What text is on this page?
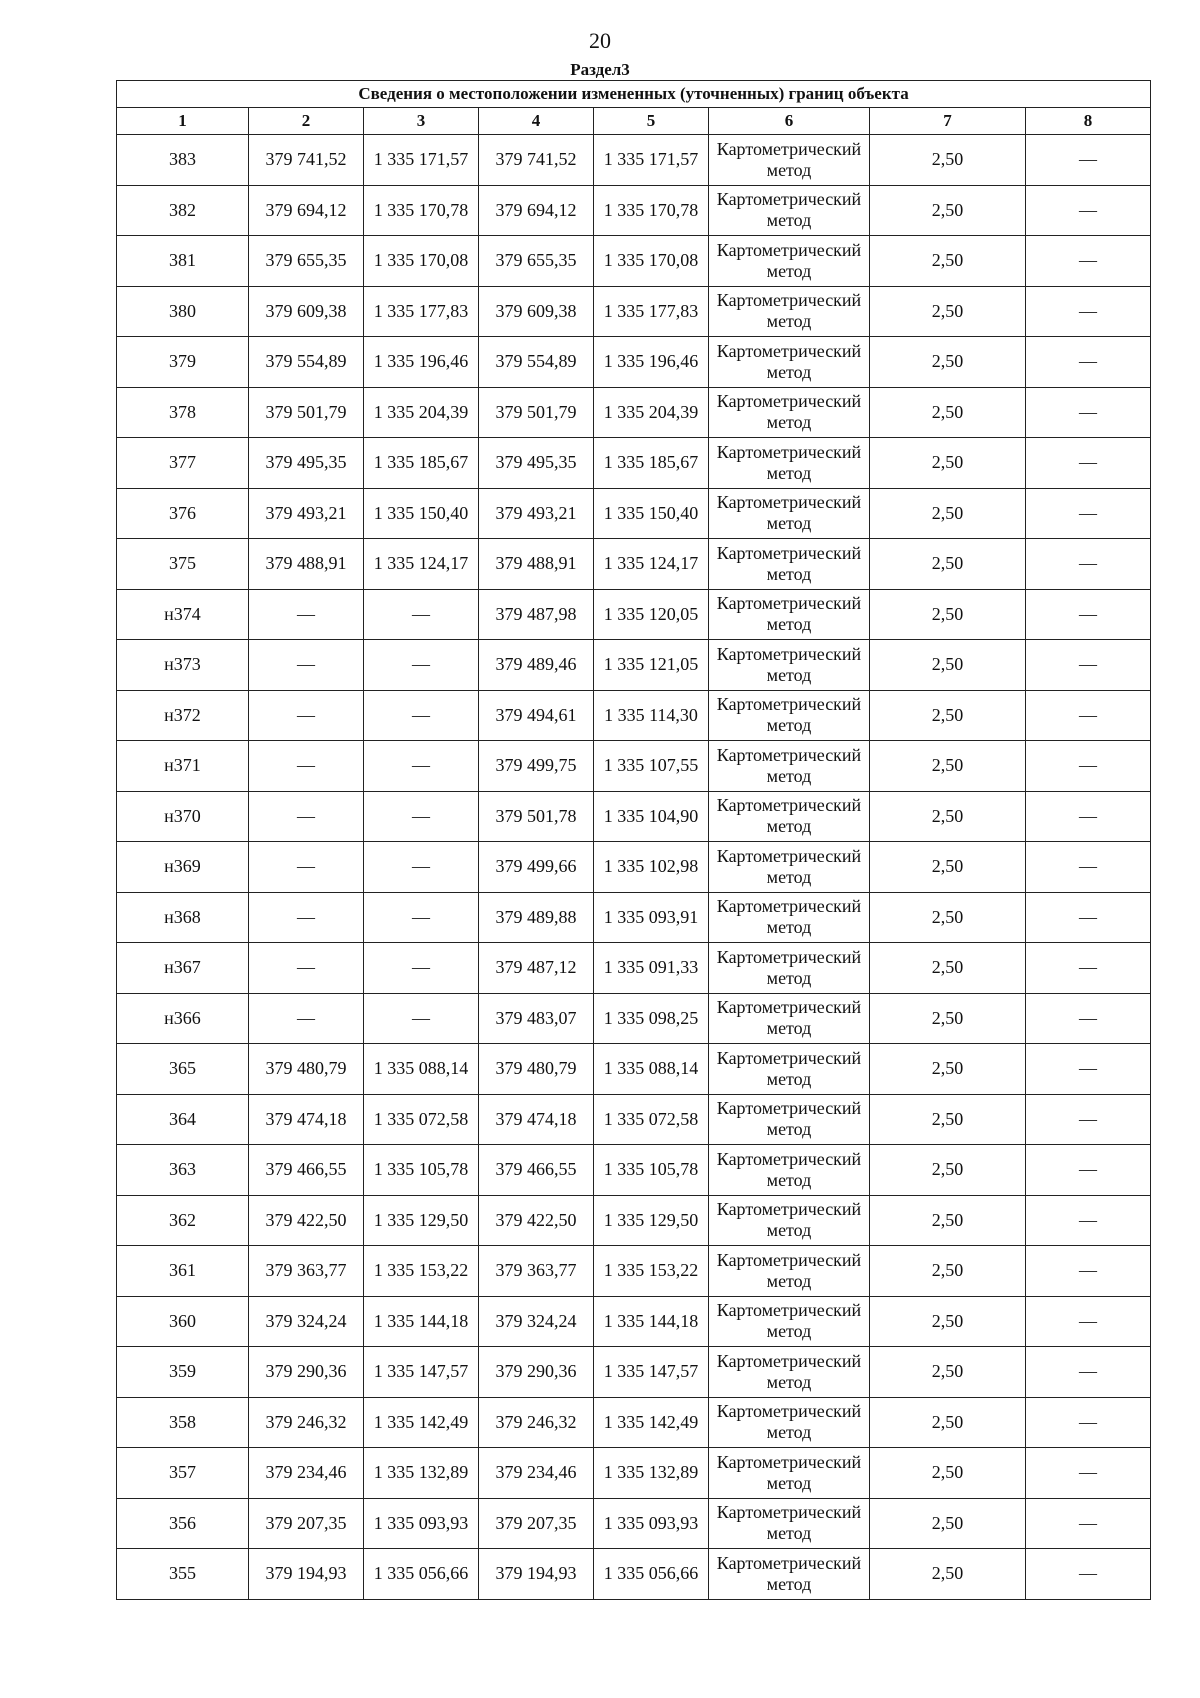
20
Раздел3
Сведения о местоположении измененных (уточненных) границ объекта							
1	2	3	4	5	6	7	8
383	379 741,52	1 335 171,57	379 741,52	1 335 171,57	Картометрический метод	2,50	—
382	379 694,12	1 335 170,78	379 694,12	1 335 170,78	Картометрический метод	2,50	—
381	379 655,35	1 335 170,08	379 655,35	1 335 170,08	Картометрический метод	2,50	—
380	379 609,38	1 335 177,83	379 609,38	1 335 177,83	Картометрический метод	2,50	—
379	379 554,89	1 335 196,46	379 554,89	1 335 196,46	Картометрический метод	2,50	—
378	379 501,79	1 335 204,39	379 501,79	1 335 204,39	Картометрический метод	2,50	—
377	379 495,35	1 335 185,67	379 495,35	1 335 185,67	Картометрический метод	2,50	—
376	379 493,21	1 335 150,40	379 493,21	1 335 150,40	Картометрический метод	2,50	—
375	379 488,91	1 335 124,17	379 488,91	1 335 124,17	Картометрический метод	2,50	—
н374	—	—	379 487,98	1 335 120,05	Картометрический метод	2,50	—
н373	—	—	379 489,46	1 335 121,05	Картометрический метод	2,50	—
н372	—	—	379 494,61	1 335 114,30	Картометрический метод	2,50	—
н371	—	—	379 499,75	1 335 107,55	Картометрический метод	2,50	—
н370	—	—	379 501,78	1 335 104,90	Картометрический метод	2,50	—
н369	—	—	379 499,66	1 335 102,98	Картометрический метод	2,50	—
н368	—	—	379 489,88	1 335 093,91	Картометрический метод	2,50	—
н367	—	—	379 487,12	1 335 091,33	Картометрический метод	2,50	—
н366	—	—	379 483,07	1 335 098,25	Картометрический метод	2,50	—
365	379 480,79	1 335 088,14	379 480,79	1 335 088,14	Картометрический метод	2,50	—
364	379 474,18	1 335 072,58	379 474,18	1 335 072,58	Картометрический метод	2,50	—
363	379 466,55	1 335 105,78	379 466,55	1 335 105,78	Картометрический метод	2,50	—
362	379 422,50	1 335 129,50	379 422,50	1 335 129,50	Картометрический метод	2,50	—
361	379 363,77	1 335 153,22	379 363,77	1 335 153,22	Картометрический метод	2,50	—
360	379 324,24	1 335 144,18	379 324,24	1 335 144,18	Картометрический метод	2,50	—
359	379 290,36	1 335 147,57	379 290,36	1 335 147,57	Картометрический метод	2,50	—
358	379 246,32	1 335 142,49	379 246,32	1 335 142,49	Картометрический метод	2,50	—
357	379 234,46	1 335 132,89	379 234,46	1 335 132,89	Картометрический метод	2,50	—
356	379 207,35	1 335 093,93	379 207,35	1 335 093,93	Картометрический метод	2,50	—
355	379 194,93	1 335 056,66	379 194,93	1 335 056,66	Картометрический метод	2,50	—
